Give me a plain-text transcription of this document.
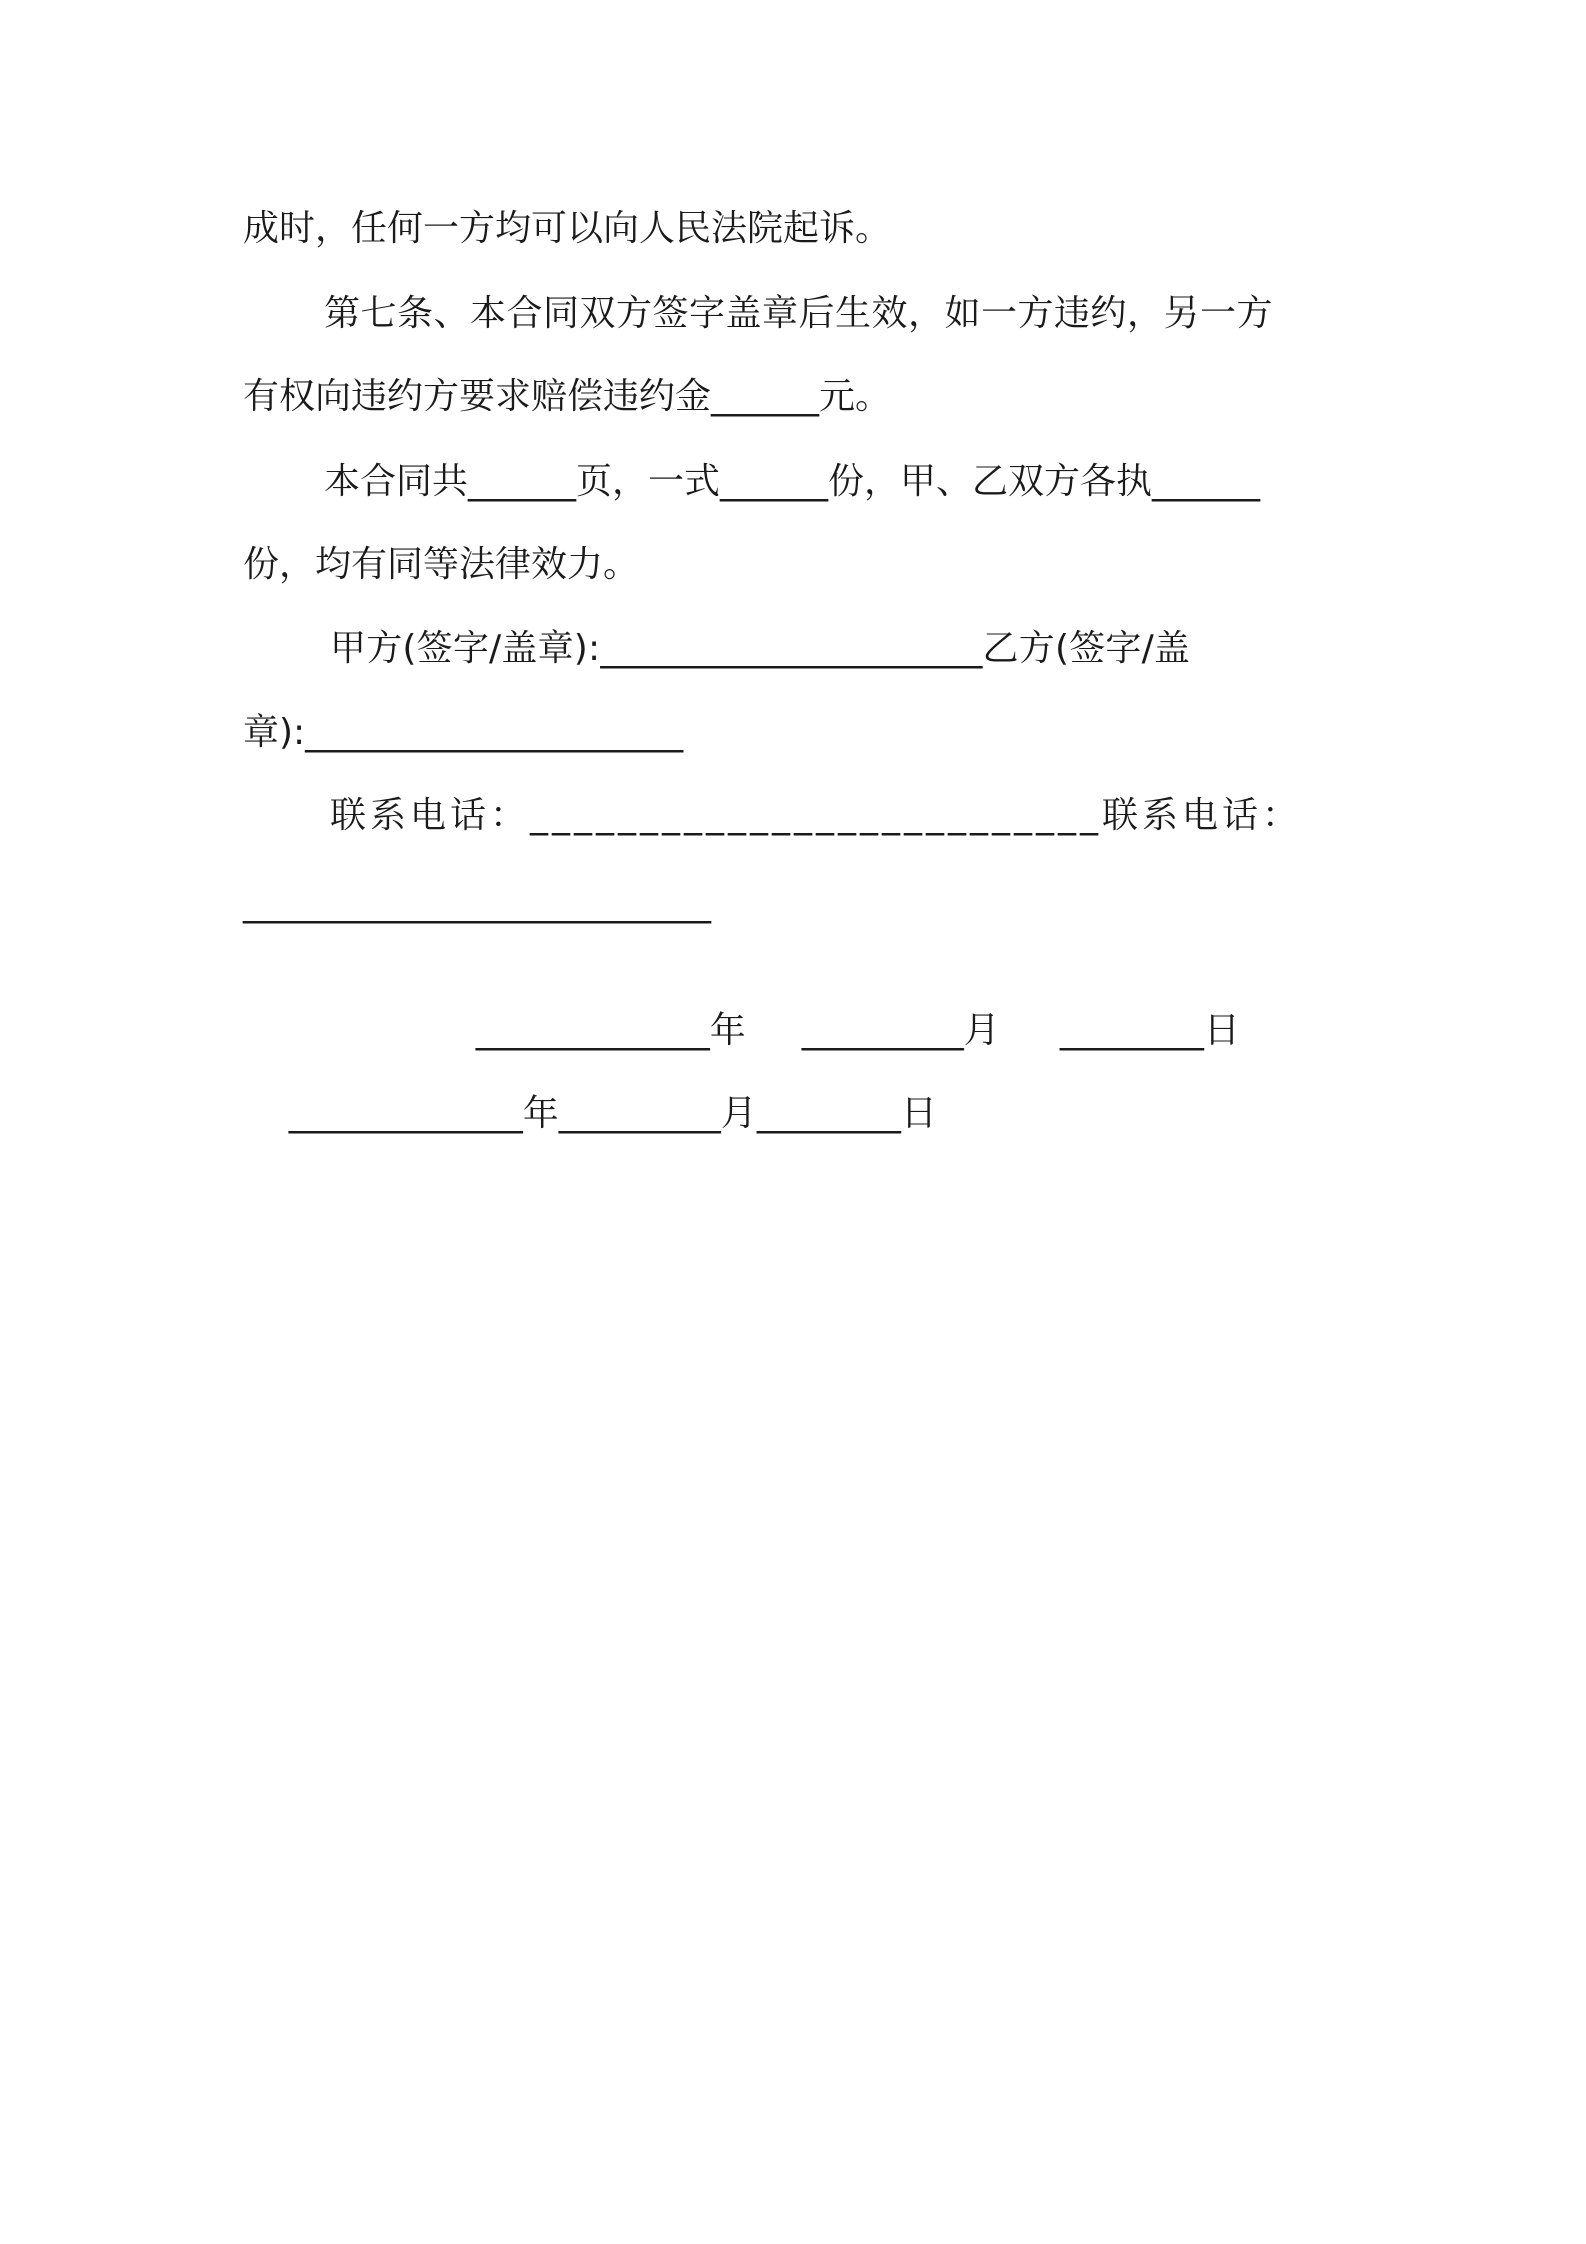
成时，任何一方均可以向人民法院起诉。
第七条、本合同双方签字盖章后生效，如一方违约，另一方
有权向违约方要求赔偿违约金______元。
本合同共______页，一式______份，甲、乙双方各执______
份，均有同等法律效力。
甲方(签字/盖章):_____________________乙方(签字/盖
章):_____________________
联系电话：__________________________联系电话：
__________________________

_____________年 _________月 ________日

_____________年_________月________日
